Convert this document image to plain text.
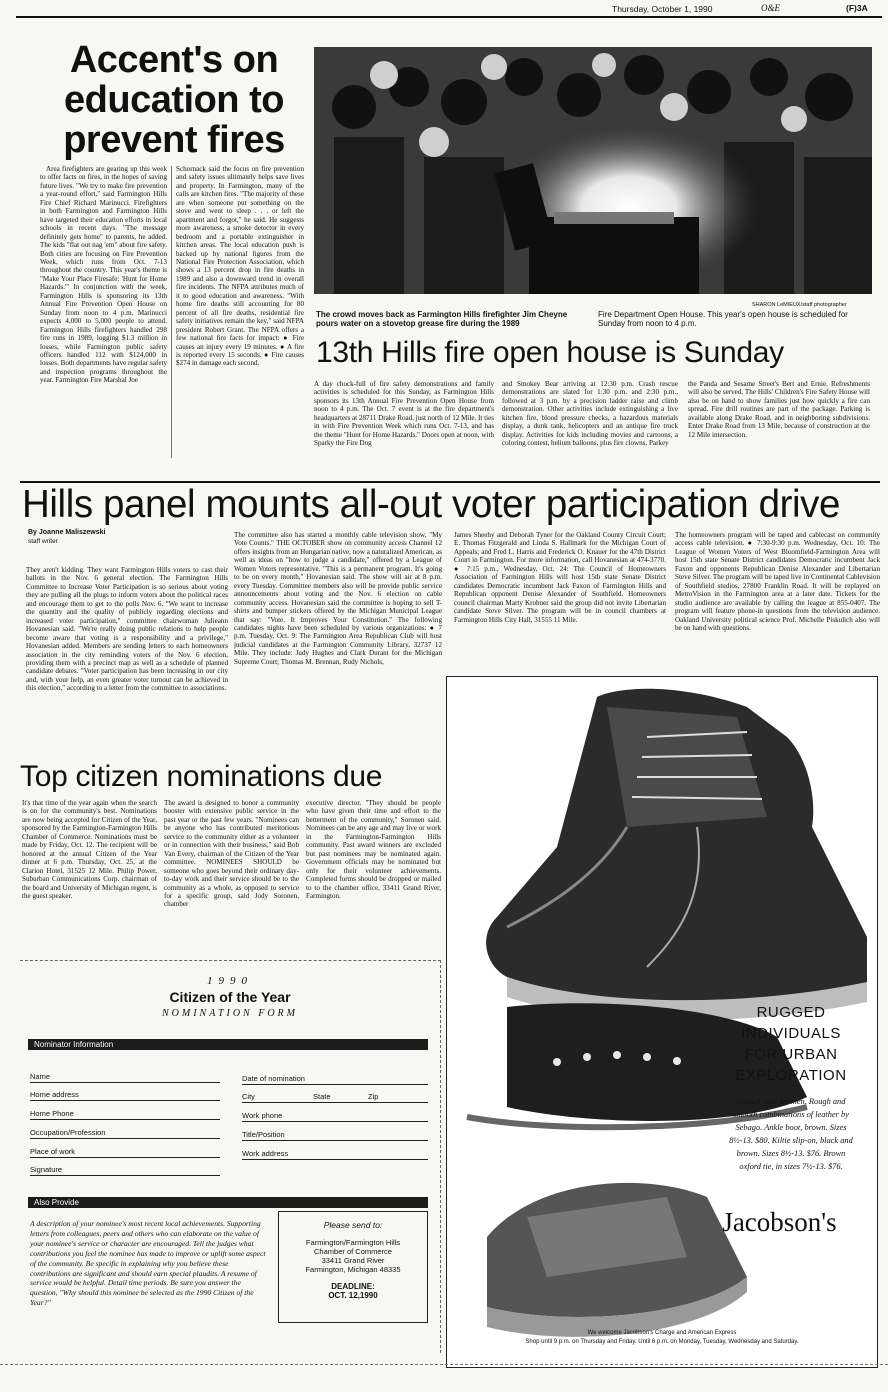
Thursday, October 1, 1990	O&E	(F)3A
Accent's on education to prevent fires
Area firefighters are gearing up this week to offer facts on fires, in the hopes of saving future lives. "We try to make fire prevention a year-round effort," said Farmington Hills Fire Chief Richard Marinucci. Firefighters in both Farmington and Farmington Hills have targeted their education efforts in local schools in recent days. "The message definitely gets home" to parents, he added. The kids "flat out nag 'em" about fire safety. Both cities are focusing on Fire Prevention Week, which runs from Oct. 7-13 throughout the country. This year's theme is "Make Your Place Firesafe: 'Hunt for Home Hazards.'" In conjunction with the week, Farmington Hills is sponsoring its 13th Annual Fire Prevention Open House on Sunday from noon to 4 p.m. Marinucci expects 4,000 to 5,000 people to attend. Farmington Hills firefighters handled 298 fire runs in 1989, logging $1.3 million in losses, while Farmington public safety officers handled 112 with $124,000 in losses. Both departments have regular safety and inspection programs throughout the year. Farmington Fire Marshal Joe
Schornack said the focus on fire prevention and safety issues ultimately helps save lives and property. In Farmington, many of the calls are kitchen fires. "The majority of these are when someone put something on the stove and went to sleep . . . or left the apartment and forgot," he said. He suggests more awareness, a smoke detector in every bedroom and a portable extinguisher in kitchen areas. The local education push is backed up by national figures from the National Fire Protection Association, which shows a 13 percent drop in fire deaths in 1989 and also a downward trend in overall fire incidents. The NFPA attributes much of it to good education and awareness. "With home fire deaths still accounting for 80 percent of all fire deaths, residential fire safety initiatives remain the key," said NFPA president Robert Grant. The NFPA offers a few national fire facts for impact: ● Fire causes an injury every 19 minutes. ● A fire is reported every 15 seconds. ● Fire causes $274 in damage each second.
SHARON LeMIEUX/staff photographer
The crowd moves back as Farmington Hills firefighter Jim Cheyne pours water on a stovetop grease fire during the 1989
Fire Department Open House. This year's open house is scheduled for Sunday from noon to 4 p.m.
13th Hills fire open house is Sunday
A day chock-full of fire safety demonstrations and family activities is scheduled for this Sunday, as Farmington Hills sponsors its 13th Annual Fire Prevention Open House from noon to 4 p.m. The Oct. 7 event is at the fire department's headquarters at 28711 Drake Road, just north of 12 Mile. It ties in with Fire Prevention Week which runs Oct. 7-13, and has the theme "Hunt for Home Hazards." Doors open at noon, with Sparky the Fire Dog
and Smokey Bear arriving at 12:30 p.m. Crash rescue demonstrations are slated for 1:30 p.m. and 2:30 p.m., followed at 3 p.m. by a precision ladder raise and climb demonstration. Other activities include extinguishing a live kitchen fire, blood pressure checks, a hazardous materials display, a dunk tank, helicopters and an antique fire truck display. Activities for kids including movies and cartoons, a coloring contest, helium balloons, plus fire clowns, Parkey
the Panda and Sesame Street's Bert and Ernie. Refreshments will also be served. The Hills' Children's Fire Safety House will also be on hand to show families just how quickly a fire can spread. Fire drill routines are part of the package. Parking is available along Drake Road, and in neighboring subdivisions. Enter Drake Road from 13 Mile, because of construction at the 12 Mile intersection.
Hills panel mounts all-out voter participation drive
By Joanne Maliszewski
staff writer
They aren't kidding. They want Farmington Hills voters to cast their ballots in the Nov. 6 general election. The Farmington Hills Committee to Increase Voter Participation is so serious about voting they are pulling all the plugs to inform voters about the political races and encourage them to get to the polls Nov. 6. "We want to increase the quantity and the quality of publicly regarding elections and increased voter participation," committee chairwoman Julieann Hovanesian said. "We're really doing public relations to help people become aware that voting is a responsibility and a privilege," Hovanesian added. Members are sending letters to each homeowners association in the city reminding voters of the Nov. 6 election, providing them with a precinct map as well as a schedule of planned candidate debates. "Voter participation has been increasing in our city and, with your help, an even greater voter turnout can be achieved in this election," according to a letter from the committee to associations.
The committee also has started a monthly cable television show, "My Vote Counts." THE OCTOBER show on community access Channel 12 offers insights from an Hungarian native, now a naturalized American, as well as ideas on "how to judge a candidate," offered by a League of Women Voters representative. "This is a permanent program. It's going to be on every month," Hovanesian said. The show will air at 8 p.m. every Tuesday. Committee members also will be provide public service announcements about voting and the Nov. 6 election on cable community access. Hovanesian said the committee is hoping to sell T-shirts and bumper stickers offered by the Michigan Municipal League that say: "Vote. It Improves Your Constitution." The following candidates nights have been scheduled by various organizations: ● 7 p.m. Tuesday, Oct. 9: The Farmington Area Republican Club will host judicial candidates at the Farmington Community Library, 32737 12 Mile. They include: Judy Hughes and Clark Durant for the Michigan Supreme Court; Thomas M. Brennan, Rudy Nichols,
James Sheehy and Deborah Tyner for the Oakland County Circuit Court; E. Thomas Fitzgerald and Linda S. Hallmark for the Michigan Court of Appeals; and Fred L. Harris and Frederick O. Knauer for the 47th District Court in Farmington. For more information, call Hovanesian at 474-3770. ● 7:15 p.m., Wednesday, Oct. 24: The Council of Homeowners Association of Farmington Hills will host 15th state Senate District candidates Democratic incumbent Jack Faxon of Farmington Hills and Republican opponent Denise Alexander of Southfield. Homeowners council chairman Marty Krohner said the group did not invite Libertarian candidate Steve Silver. The program will be in council chambers at Farmington Hills City Hall, 31555 11 Mile.
The homeowners program will be taped and cablecast on community access cable television. ● 7:30-9:30 p.m. Wednesday, Oct. 10: The League of Women Voters of West Bloomfield-Farmington Area will host 15th state Senate District candidates Democratic incumbent Jack Faxon and opponents Republican Denise Alexander and Libertarian Steve Silver. The program will be taped live in Continental Cablevision of Southfield studios, 27800 Franklin Road. It will be replayed on MetroVision in the Farmington area at a later date. Tickets for the studio audience are available by calling the league at 855-0407. The program will feature phone-in questions from the television audience. Oakland University political science Prof. Michelle Piskulich also will be on hand with questions.
Top citizen nominations due
It's that time of the year again when the search is on for the community's best. Nominations are now being accepted for Citizen of the Year, sponsored by the Farmington-Farmington Hills Chamber of Commerce. Nominations must be made by Friday, Oct. 12. The recipient will be honored at the annual Citizen of the Year dinner at 6 p.m. Thursday, Oct. 25, at the Clarion Hotel, 31525 12 Mile. Philip Power, Suburban Communications Corp. chairman of the board and University of Michigan regent, is the guest speaker.
The award is designed to honor a community booster with extensive public service in the past year or the past few years. "Nominees can be anyone who has contributed meritorious service to the community either as a volunteer or in connection with their business," said Bob Van Every, chairman of the Citizen of the Year committee. NOMINEES SHOULD be someone who goes beyond their ordinary day-to-day work and their service should be to the community as a whole, as opposed to service for a specific group, said Jody Soronen, chamber
executive director. "They should be people who have given their time and effort to the betterment of the community," Soronen said. Nominees can be any age and may live or work in the Farmington-Farmington Hills community. Past award winners are excluded but past nominees may be nominated again. Government officials may be nominated but only for their volunteer achievements. Completed forms should be dropped or mailed to to the chamber office, 33411 Grand River, Farmington.
1990
Citizen of the Year
NOMINATION FORM
Nominator Information
Name	Date of nomination
Home address	City	State	Zip
Home Phone	Work phone
Occupation/Profession	Title/Position
Place of work	Work address
Signature
Also Provide
A description of your nominee's most recent local achievements. Supporting letters from colleagues, peers and others who can elaborate on the value of your nominee's service or character are encouraged. Tell the judges what contributions you feel the nominee has made to improve or uplift some aspect of the community. Be specific in explaining why you believe these contributions are significant and should earn special plaudits. A resume of service would be helpful. Detail time periods. Be sure you answer the question, "Why should this nominee be selected as the 1990 Citizen of the Year?"
Please send to:
Farmington/Farmington Hills
Chamber of Commerce
33411 Grand River
Farmington, Michigan 48335
DEADLINE:
OCT. 12,1990
RUGGED
INDIVIDUALS
FOR URBAN
EXPLORATION
Casual cool for men. Rough and smooth combinations of leather by Sebago. Ankle boot, brown. Sizes 8½-13. $80. Kiltie slip-on, black and brown. Sizes 8½-13. $76. Brown oxford tie, in sizes 7½-13. $76.
Jacobson's
We welcome Jacobson's Charge and American Express
Shop until 9 p.m. on Thursday and Friday. Until 6 p.m. on Monday, Tuesday, Wednesday and Saturday.
